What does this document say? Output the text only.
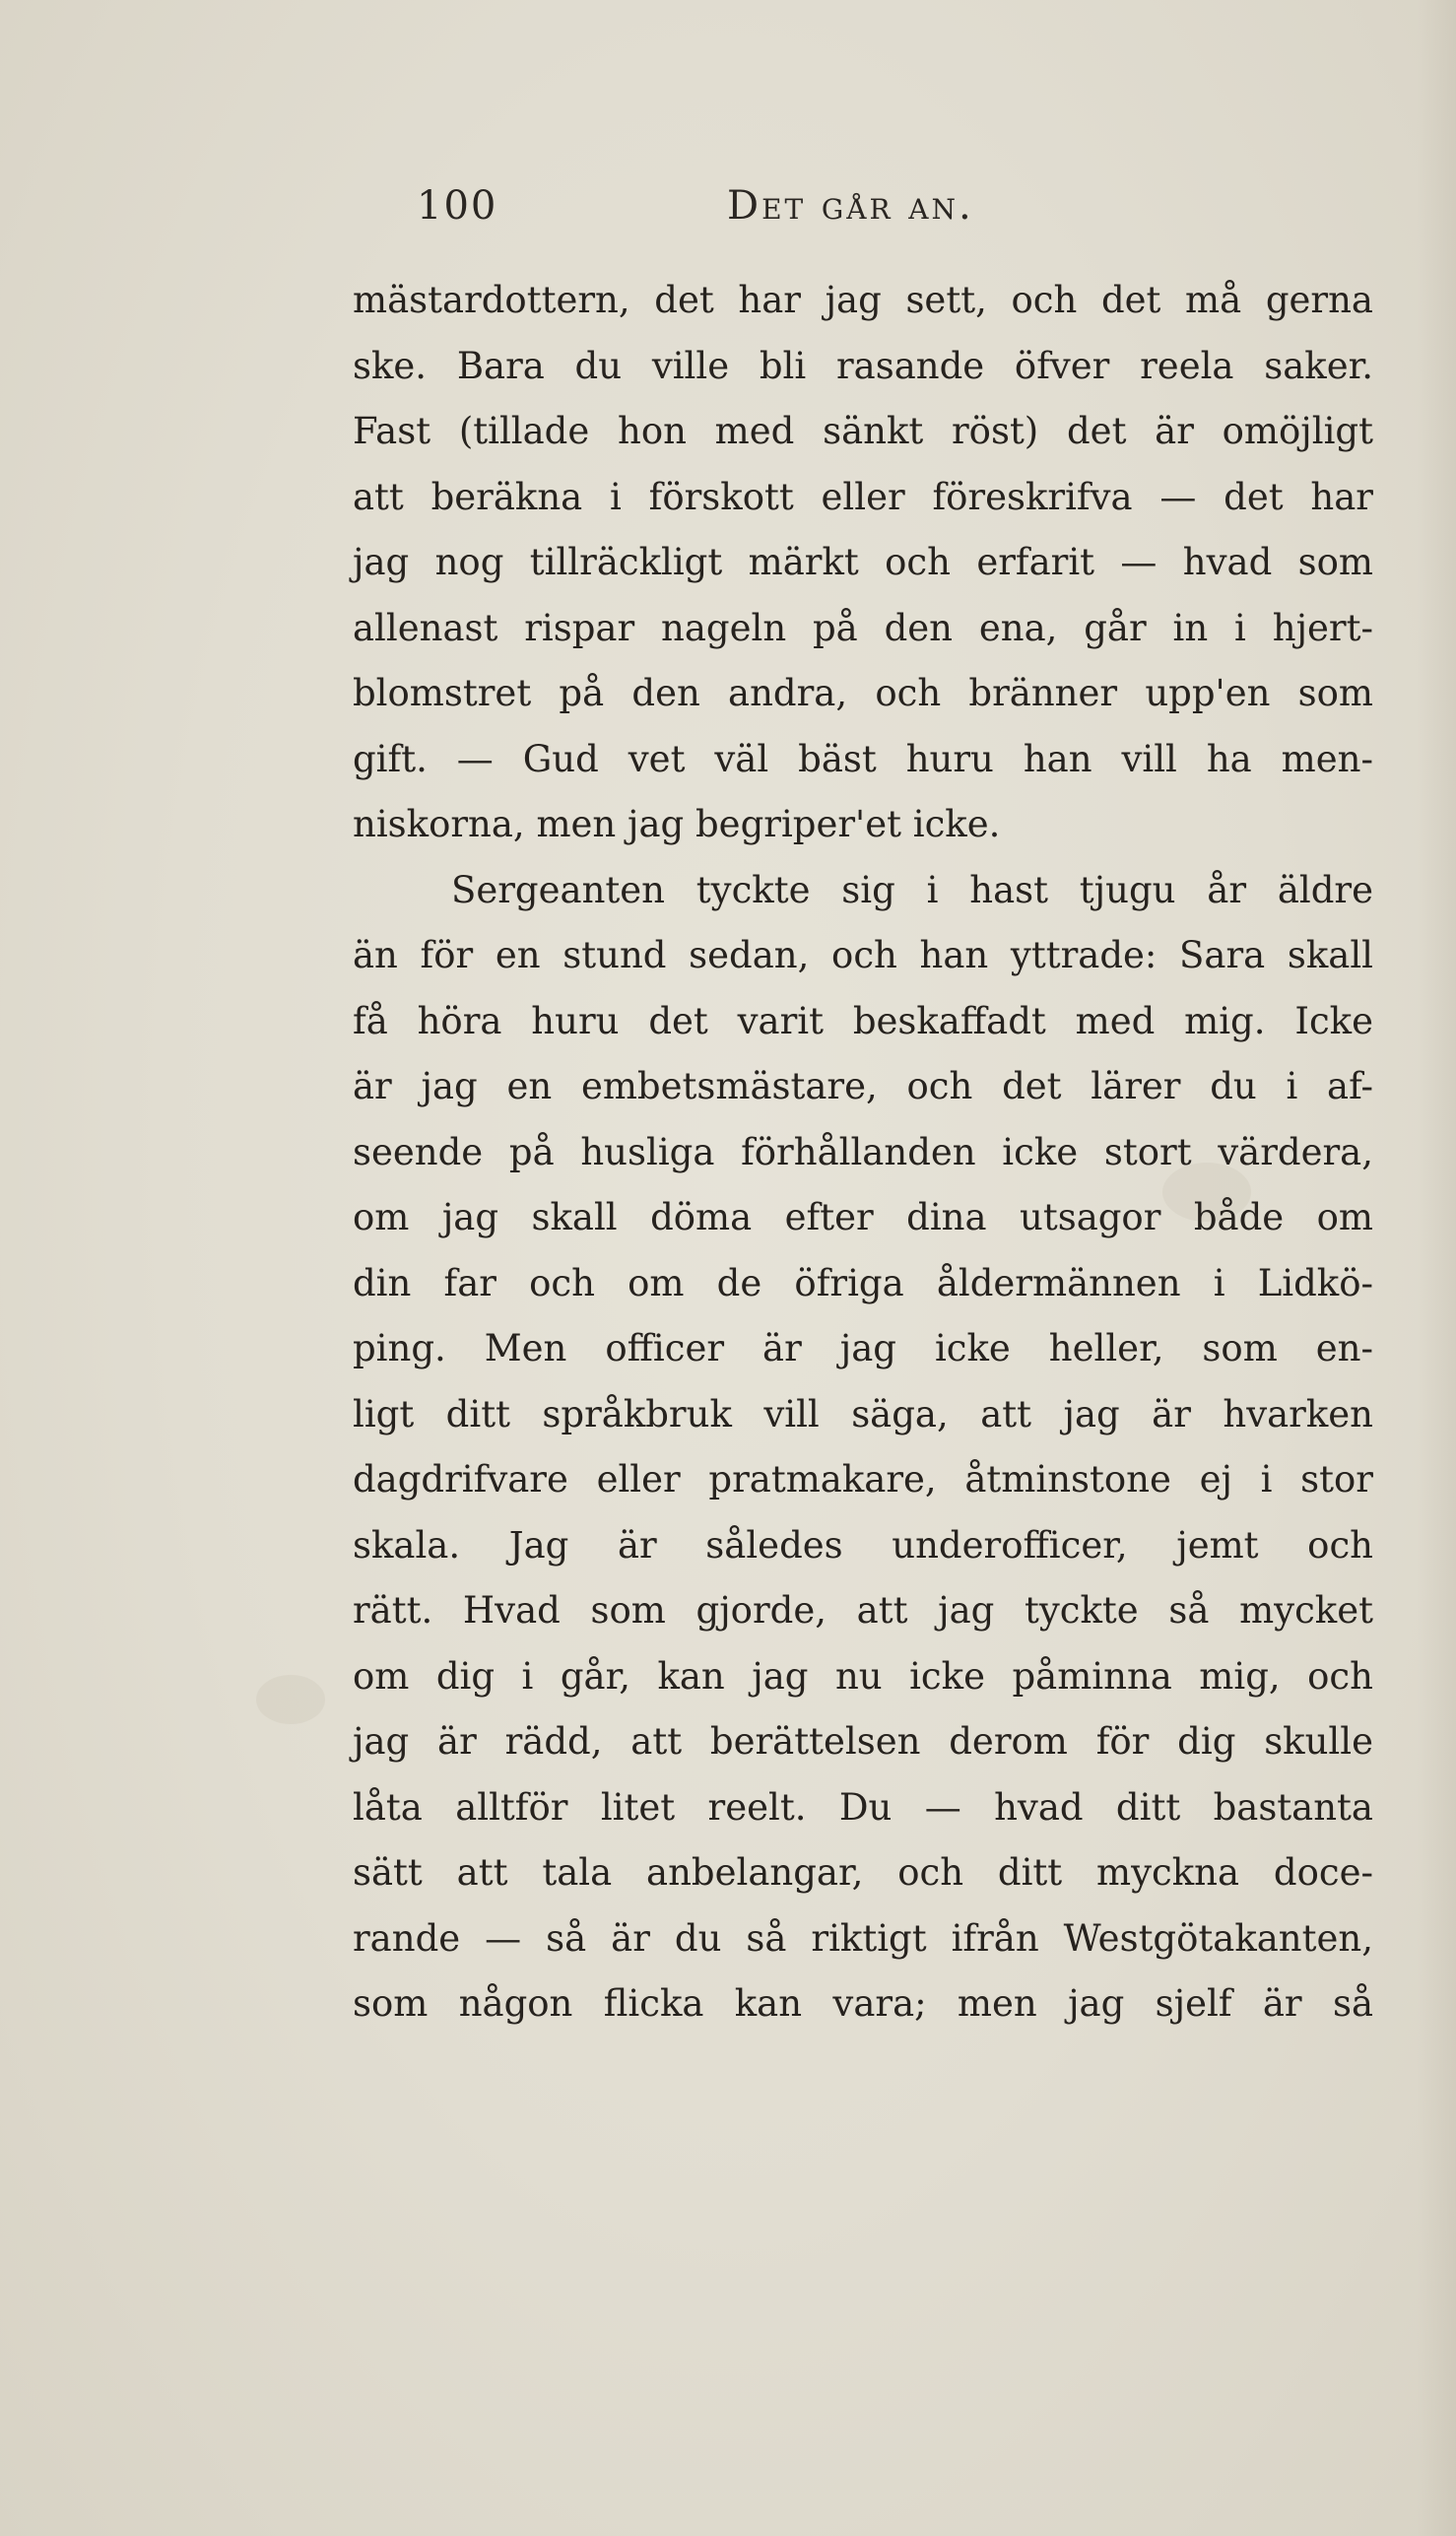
100	Det går an.
mästardottern, det har jag sett, och det må gerna
ske. Bara du ville bli rasande öfver reela saker.
Fast (tillade hon med sänkt röst) det är omöjligt
att beräkna i förskott eller föreskrifva — det har
jag nog tillräckligt märkt och erfarit — hvad som
allenast rispar nageln på den ena, går in i hjert-
blomstret på den andra, och bränner upp'en som
gift. — Gud vet väl bäst huru han vill ha men-
niskorna, men jag begriper'et icke.
Sergeanten tyckte sig i hast tjugu år äldre
än för en stund sedan, och han yttrade: Sara skall
få höra huru det varit beskaffadt med mig. Icke
är jag en embetsmästare, och det lärer du i af-
seende på husliga förhållanden icke stort värdera,
om jag skall döma efter dina utsagor både om
din far och om de öfriga åldermännen i Lidkö-
ping. Men officer är jag icke heller, som en-
ligt ditt språkbruk vill säga, att jag är hvarken
dagdrifvare eller pratmakare, åtminstone ej i stor
skala. Jag är således underofficer, jemt och
rätt. Hvad som gjorde, att jag tyckte så mycket
om dig i går, kan jag nu icke påminna mig, och
jag är rädd, att berättelsen derom för dig skulle
låta alltför litet reelt. Du — hvad ditt bastanta
sätt att tala anbelangar, och ditt myckna doce-
rande — så är du så riktigt ifrån Westgötakanten,
som någon flicka kan vara; men jag sjelf är så
